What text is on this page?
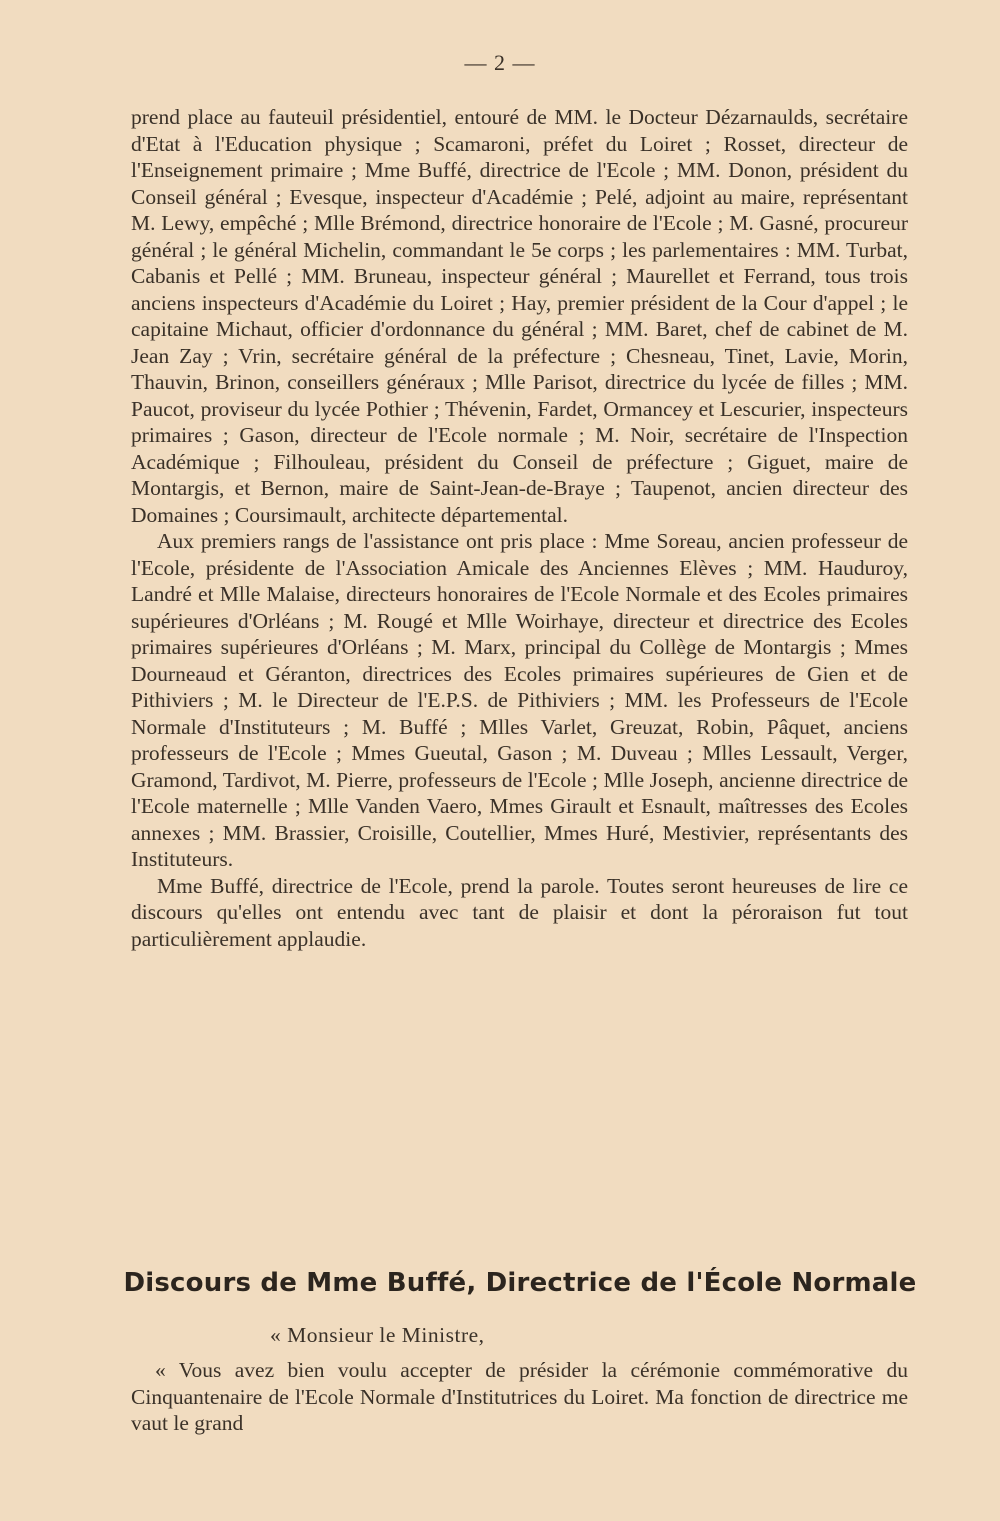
— 2 —

prend place au fauteuil présidentiel, entouré de MM. le Docteur Dézarnaulds, secrétaire d'Etat à l'Education physique ; Scamaroni, préfet du Loiret ; Rosset, directeur de l'Enseignement primaire ; Mme Buffé, directrice de l'Ecole ; MM. Donon, président du Conseil général ; Evesque, inspecteur d'Académie ; Pelé, adjoint au maire, représentant M. Lewy, empêché ; Mlle Brémond, directrice honoraire de l'Ecole ; M. Gasné, procureur général ; le général Michelin, commandant le 5e corps ; les parlementaires : MM. Turbat, Cabanis et Pellé ; MM. Bruneau, inspecteur général ; Maurellet et Ferrand, tous trois anciens inspecteurs d'Académie du Loiret ; Hay, premier président de la Cour d'appel ; le capitaine Michaut, officier d'ordonnance du général ; MM. Baret, chef de cabinet de M. Jean Zay ; Vrin, secrétaire général de la préfecture ; Chesneau, Tinet, Lavie, Morin, Thauvin, Brinon, conseillers généraux ; Mlle Parisot, directrice du lycée de filles ; MM. Paucot, proviseur du lycée Pothier ; Thévenin, Fardet, Ormancey et Lescurier, inspecteurs primaires ; Gason, directeur de l'Ecole normale ; M. Noir, secrétaire de l'Inspection Académique ; Filhouleau, président du Conseil de préfecture ; Giguet, maire de Montargis, et Bernon, maire de Saint-Jean-de-Braye ; Taupenot, ancien directeur des Domaines ; Coursimault, architecte départemental.

Aux premiers rangs de l'assistance ont pris place : Mme Soreau, ancien professeur de l'Ecole, présidente de l'Association Amicale des Anciennes Elèves ; MM. Hauduroy, Landré et Mlle Malaise, directeurs honoraires de l'Ecole Normale et des Ecoles primaires supérieures d'Orléans ; M. Rougé et Mlle Woirhaye, directeur et directrice des Ecoles primaires supérieures d'Orléans ; M. Marx, principal du Collège de Montargis ; Mmes Dourneaud et Géranton, directrices des Ecoles primaires supérieures de Gien et de Pithiviers ; M. le Directeur de l'E.P.S. de Pithiviers ; MM. les Professeurs de l'Ecole Normale d'Instituteurs ; M. Buffé ; Mlles Varlet, Greuzat, Robin, Pâquet, anciens professeurs de l'Ecole ; Mmes Gueutal, Gason ; M. Duveau ; Mlles Lessault, Verger, Gramond, Tardivot, M. Pierre, professeurs de l'Ecole ; Mlle Joseph, ancienne directrice de l'Ecole maternelle ; Mlle Vanden Vaero, Mmes Girault et Esnault, maîtresses des Ecoles annexes ; MM. Brassier, Croisille, Coutellier, Mmes Huré, Mestivier, représentants des Instituteurs.

Mme Buffé, directrice de l'Ecole, prend la parole. Toutes seront heureuses de lire ce discours qu'elles ont entendu avec tant de plaisir et dont la péroraison fut tout particulièrement applaudie.

Discours de Mme Buffé, Directrice de l'École Normale
« Monsieur le Ministre,

« Vous avez bien voulu accepter de présider la cérémonie commémorative du Cinquantenaire de l'Ecole Normale d'Institutrices du Loiret. Ma fonction de directrice me vaut le grand
